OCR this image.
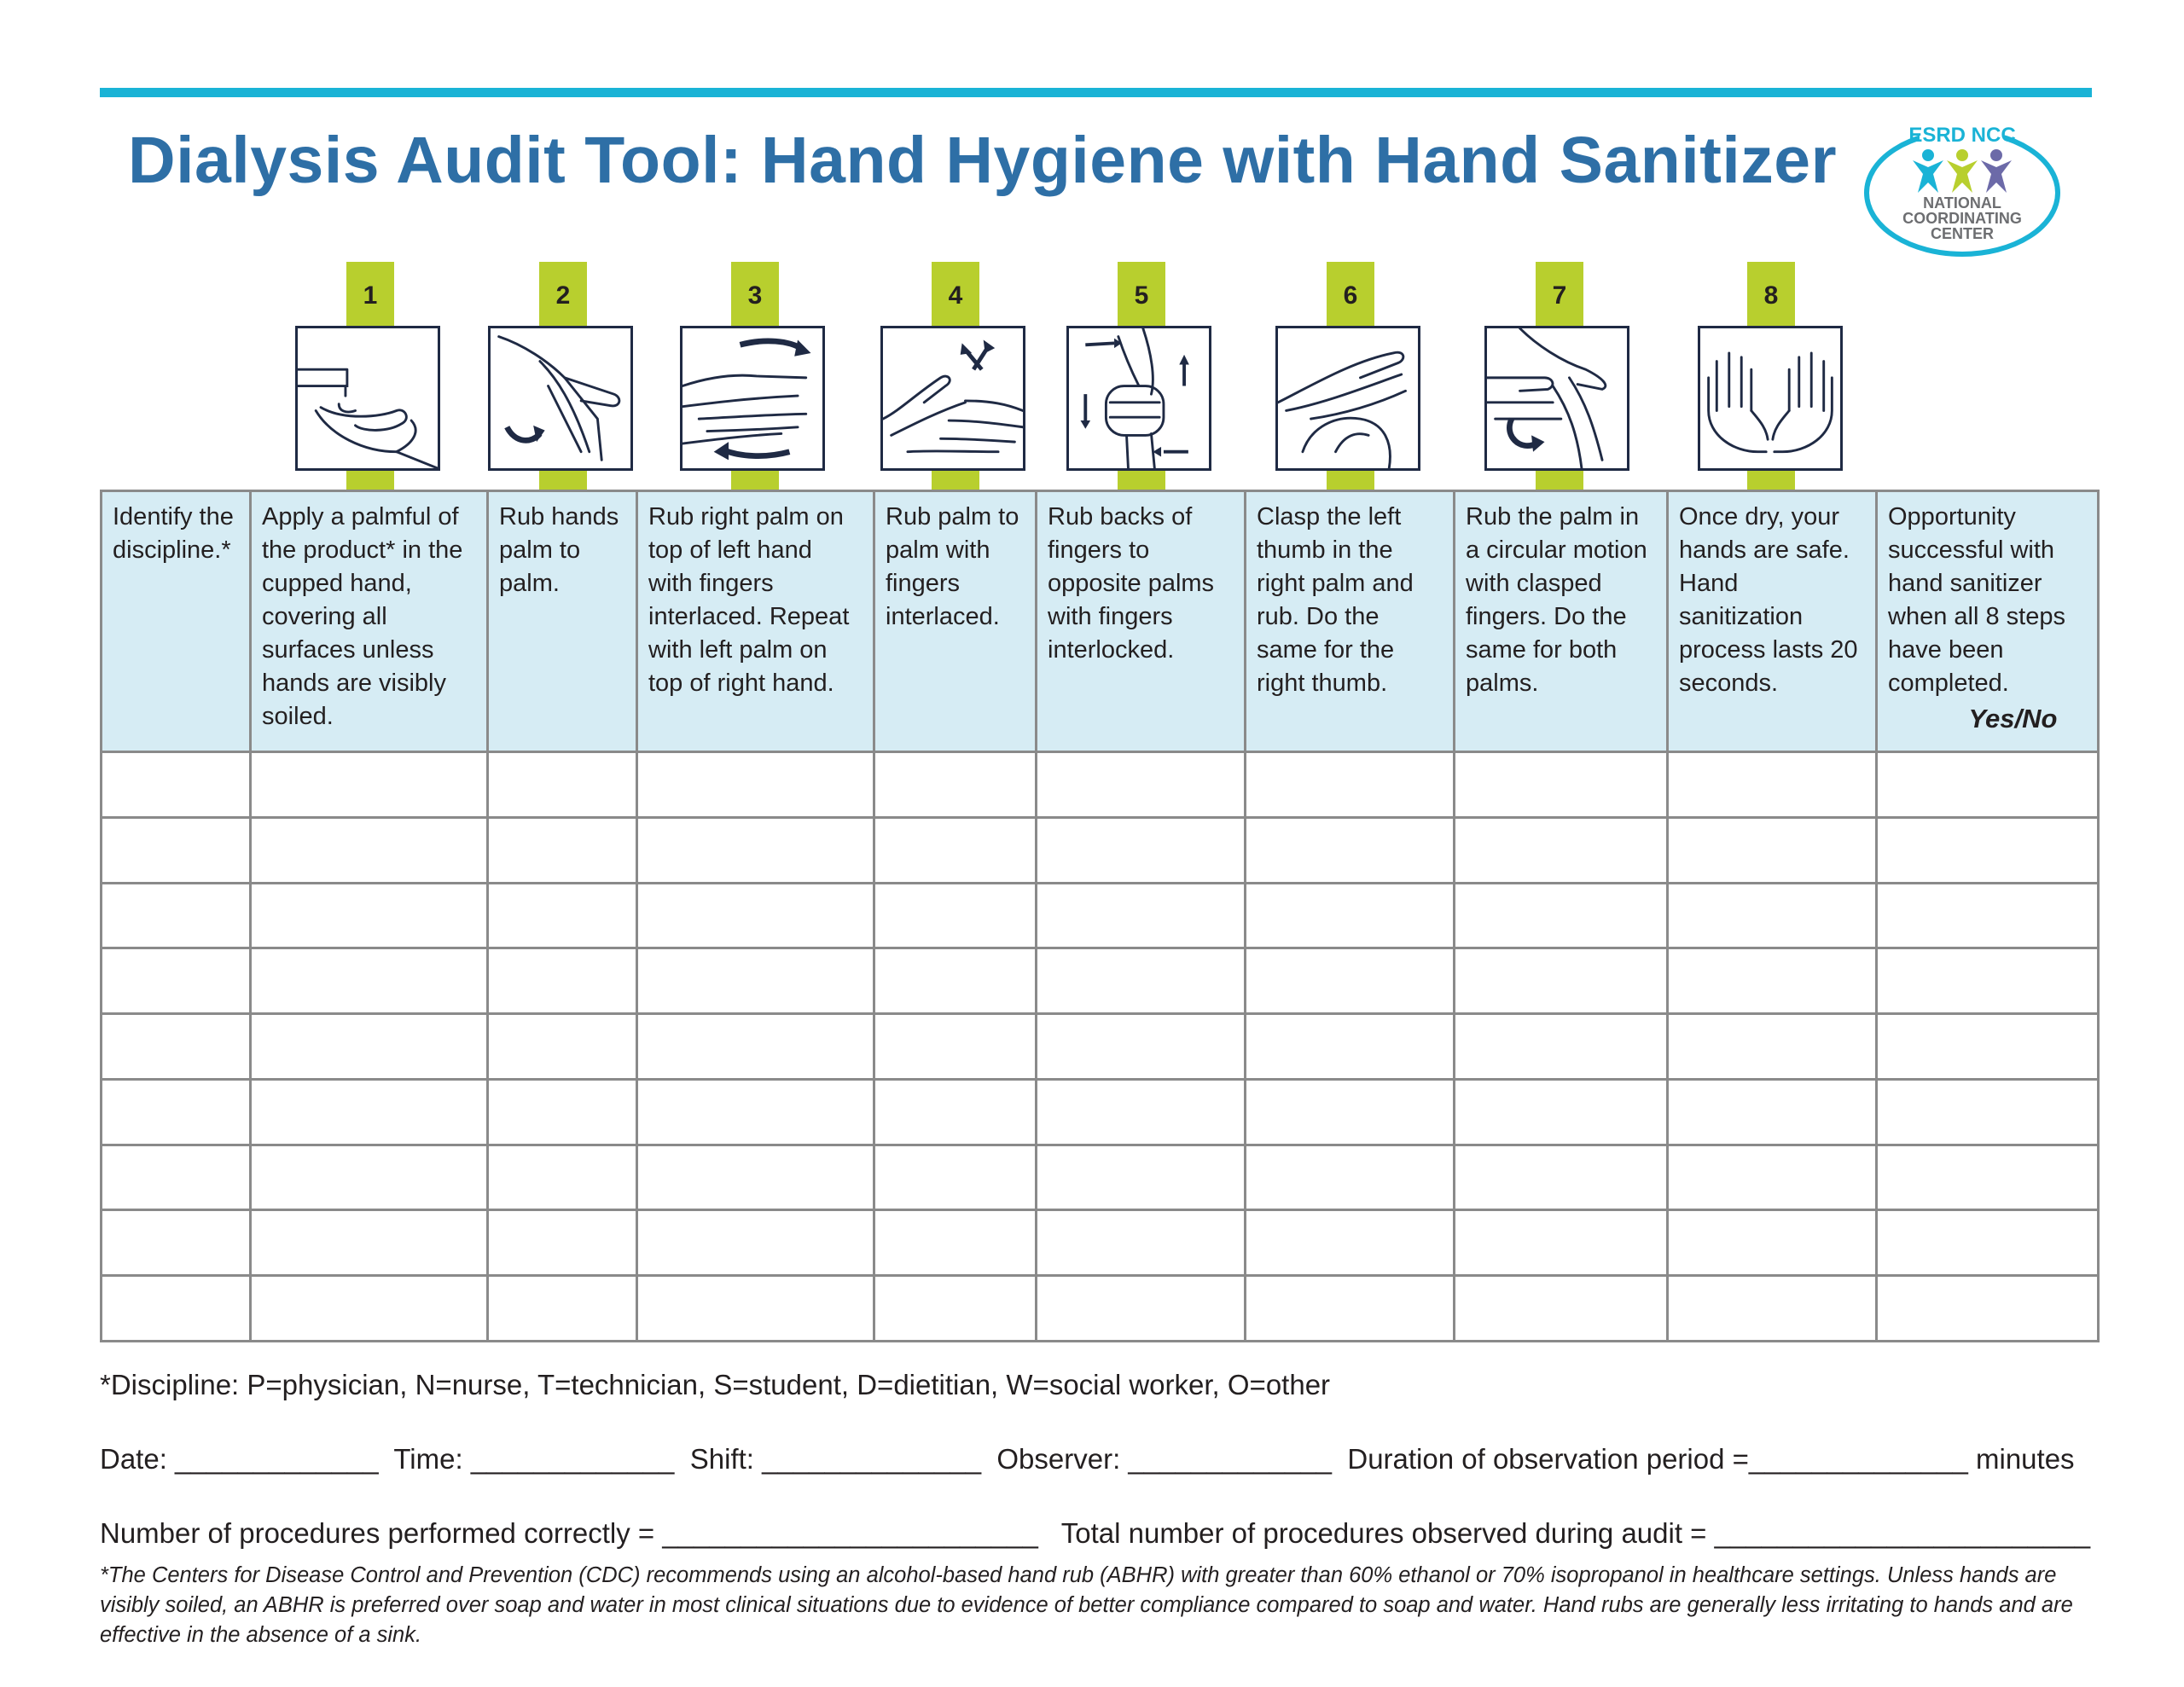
Dialysis Audit Tool: Hand Hygiene with Hand Sanitizer	ESRD NCC
NATIONAL
COORDINATING
CENTER
1	2	3	4	5	6	7	8
Identify the discipline.*	Apply a palmful of the product* in the cupped hand, covering all surfaces unless hands are visibly soiled.	Rub hands palm to palm.	Rub right palm on top of left hand with fingers interlaced. Repeat with left palm on top of right hand.	Rub palm to palm with fingers interlaced.	Rub backs of fingers to opposite palms with fingers interlocked.	Clasp the left thumb in the right palm and rub. Do the same for the right thumb.	Rub the palm in a circular motion with clasped fingers. Do the same for both palms.	Once dry, your hands are safe. Hand sanitization process lasts 20 seconds.	Opportunity successful with hand sanitizer when all 8 steps have been completed.
Yes/No

*Discipline: P=physician, N=nurse, T=technician, S=student, D=dietitian, W=social worker, O=other
Date: _____________  Time: _____________  Shift: ______________  Observer: _____________  Duration of observation period =______________ minutes
Number of procedures performed correctly = ________________________   Total number of procedures observed during audit = ________________________
*The Centers for Disease Control and Prevention (CDC) recommends using an alcohol-based hand rub (ABHR) with greater than 60% ethanol or 70% isopropanol in healthcare settings. Unless hands are visibly soiled, an ABHR is preferred over soap and water in most clinical situations due to evidence of better compliance compared to soap and water. Hand rubs are generally less irritating to hands and are effective in the absence of a sink.
